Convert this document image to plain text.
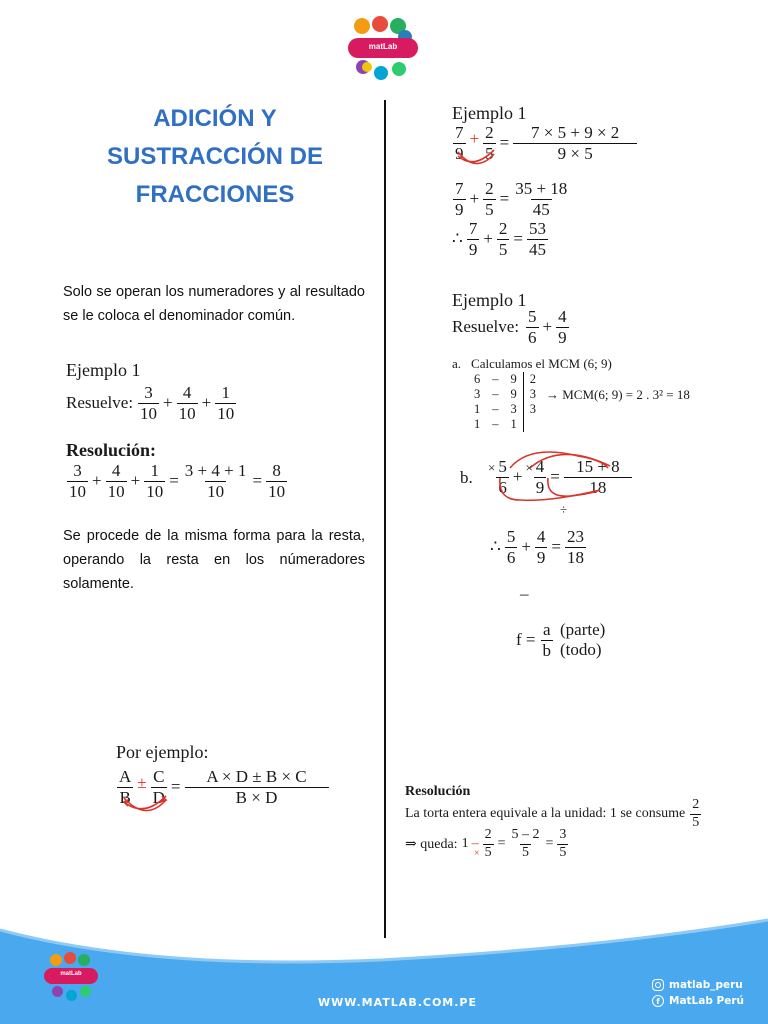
matLab
ADICIÓN Y
SUSTRACCIÓN DE
FRACCIONES
Solo se operan los numeradores y al resultado se le coloca el denominador común.
Ejemplo 1
Resuelve: $\frac{3}{10} + \frac{4}{10} + \frac{1}{10}$
Resolución:
$\frac{3}{10} + \frac{4}{10} + \frac{1}{10} = \frac{3 + 4 + 1}{10} = \frac{8}{10}$
Se procede de la misma forma para la resta, operando la resta en los númeradores solamente.
Por ejemplo:
$\frac{A}{B} \pm \frac{C}{D} = \frac{A \times D \pm B \times C}{B \times D}$
Ejemplo 1
$\frac{7}{9} + \frac{2}{5} = \frac{7 \times 5 + 9 \times 2}{9 \times 5}$
$\frac{7}{9} + \frac{2}{5} = \frac{35 + 18}{45}$
∴ $\frac{7}{9} + \frac{2}{5} = \frac{53}{45}$
Ejemplo 1
Resuelve: $\frac{5}{6} + \frac{4}{9}$
a. Calculamos el MCM (6; 9)
6	–	9	2
3	–	9	3
1	–	3	3
1	–	1	
→ MCM(6; 9) = 2 . 3² = 18
b.
× $\frac{5}{6}$ + × $\frac{4}{9} = \frac{15 + 8}{18}$
÷
∴ $\frac{5}{6} + \frac{4}{9} = \frac{23}{18}$
–
$f = \frac{a}{b}$ (parte)
(todo)
Resolución
La torta entera equivale a la unidad: 1 se consume $\frac{2}{5}$
⇒ queda: $1 - \frac{2}{5} = \frac{5 - 2}{5} = \frac{3}{5}$
×
matLab
WWW.MATLAB.COM.PE
matlab_peru
f MatLab Perú
